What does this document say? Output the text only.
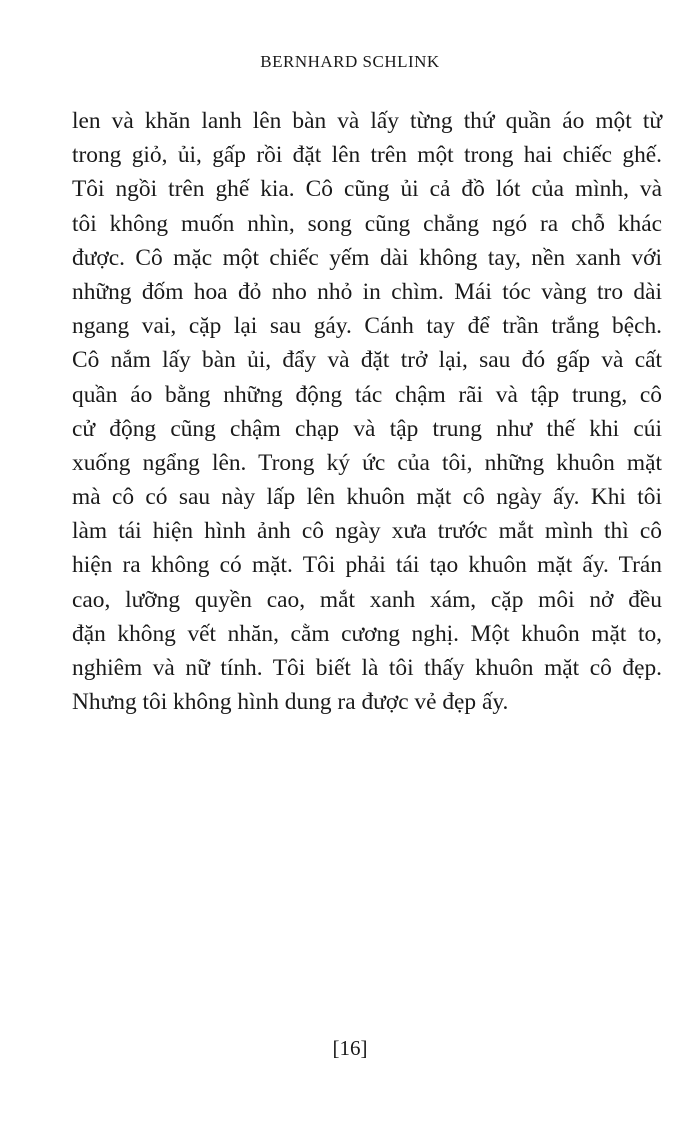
BERNHARD SCHLINK

len và khăn lanh lên bàn và lấy từng thứ quần áo một từ
trong giỏ, ủi, gấp rồi đặt lên trên một trong hai chiếc ghế.
Tôi ngồi trên ghế kia. Cô cũng ủi cả đồ lót của mình, và
tôi không muốn nhìn, song cũng chẳng ngó ra chỗ khác
được. Cô mặc một chiếc yếm dài không tay, nền xanh với
những đốm hoa đỏ nho nhỏ in chìm. Mái tóc vàng tro dài
ngang vai, cặp lại sau gáy. Cánh tay để trần trắng bệch.
Cô nắm lấy bàn ủi, đẩy và đặt trở lại, sau đó gấp và cất
quần áo bằng những động tác chậm rãi và tập trung, cô
cử động cũng chậm chạp và tập trung như thế khi cúi
xuống ngẩng lên. Trong ký ức của tôi, những khuôn mặt
mà cô có sau này lấp lên khuôn mặt cô ngày ấy. Khi tôi
làm tái hiện hình ảnh cô ngày xưa trước mắt mình thì cô
hiện ra không có mặt. Tôi phải tái tạo khuôn mặt ấy. Trán
cao, lưỡng quyền cao, mắt xanh xám, cặp môi nở đều
đặn không vết nhăn, cằm cương nghị. Một khuôn mặt to,
nghiêm và nữ tính. Tôi biết là tôi thấy khuôn mặt cô đẹp.
Nhưng tôi không hình dung ra được vẻ đẹp ấy.

[16]
